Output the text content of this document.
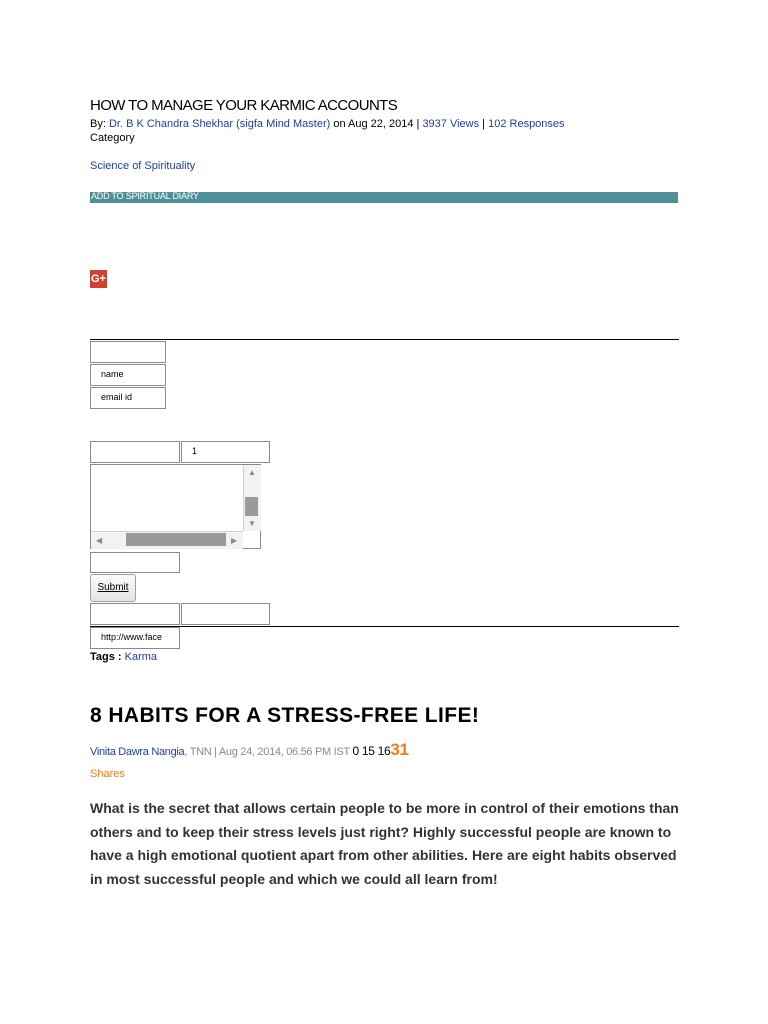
HOW TO MANAGE YOUR KARMIC ACCOUNTS
By: Dr. B K Chandra Shekhar (sigfa Mind Master) on Aug 22, 2014 | 3937 Views | 102 Responses
Category
Science of Spirituality
ADD TO SPIRITUAL DIARY
G+
name
email id
1
▲
▼
◀	▶
Submit
http://www.face
Tags : Karma
8 HABITS FOR A STRESS-FREE LIFE!
Vinita Dawra Nangia, TNN | Aug 24, 2014, 06.56 PM IST 0 15 1631
Shares
What is the secret that allows certain people to be more in control of their emotions than others and to keep their stress levels just right? Highly successful people are known to have a high emotional quotient apart from other abilities. Here are eight habits observed in most successful people and which we could all learn from!
